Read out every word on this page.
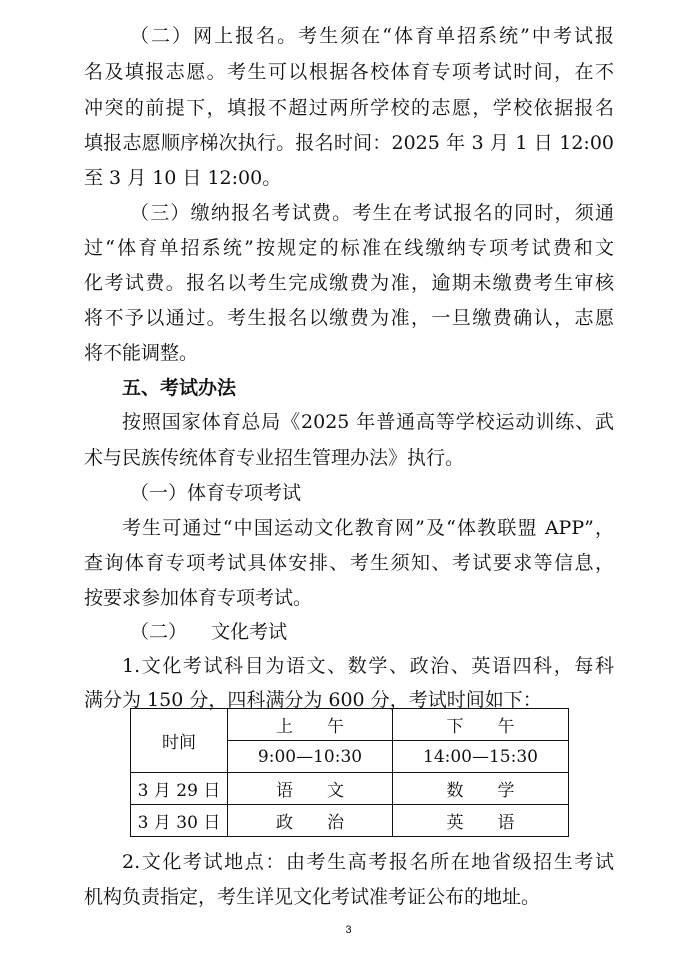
（二）网上报名。考生须在“体育单招系统”中考试报
名及填报志愿。考生可以根据各校体育专项考试时间，在不
冲突的前提下，填报不超过两所学校的志愿，学校依据报名
填报志愿顺序梯次执行。报名时间：2025 年 3 月 1 日 12:00
至 3 月 10 日 12:00。
（三）缴纳报名考试费。考生在考试报名的同时，须通
过“体育单招系统”按规定的标准在线缴纳专项考试费和文
化考试费。报名以考生完成缴费为准，逾期未缴费考生审核
将不予以通过。考生报名以缴费为准，一旦缴费确认，志愿
将不能调整。
五、考试办法
按照国家体育总局《2025 年普通高等学校运动训练、武
术与民族传统体育专业招生管理办法》执行。
（一）体育专项考试
考生可通过“中国运动文化教育网”及“体教联盟 APP”，
查询体育专项考试具体安排、考生须知、考试要求等信息，
按要求参加体育专项考试。
（二）    文化考试
1.文化考试科目为语文、数学、政治、英语四科，每科
满分为 150 分，四科满分为 600 分，考试时间如下：
时间	上　　午	下　　午
	9:00—10:30	14:00—15:30
3 月 29 日	语　　文	数　　学
3 月 30 日	政　　治	英　　语
2.文化考试地点：由考生高考报名所在地省级招生考试
机构负责指定，考生详见文化考试准考证公布的地址。
3
